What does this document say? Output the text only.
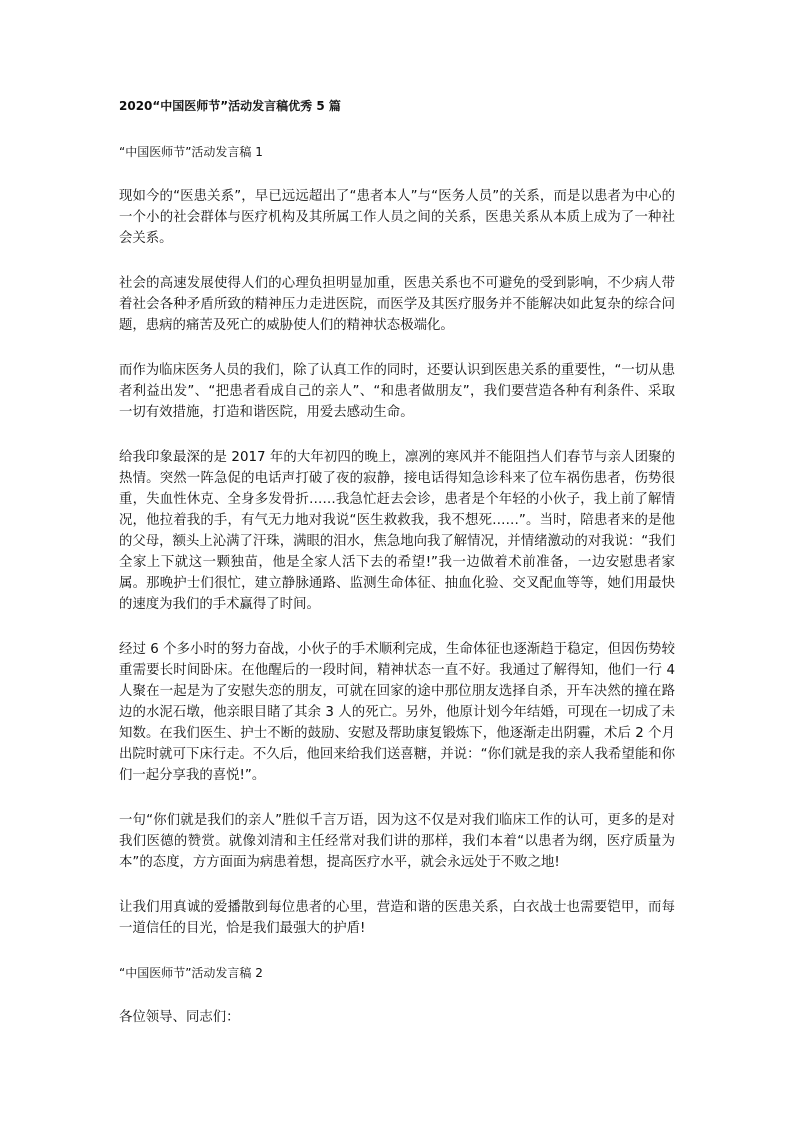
2020“中国医师节”活动发言稿优秀 5 篇
“中国医师节”活动发言稿 1

现如今的“医患关系”，早已远远超出了“患者本人”与“医务人员”的关系，而是以患者为中心的一个小的社会群体与医疗机构及其所属工作人员之间的关系，医患关系从本质上成为了一种社会关系。

社会的高速发展使得人们的心理负担明显加重，医患关系也不可避免的受到影响，不少病人带着社会各种矛盾所致的精神压力走进医院，而医学及其医疗服务并不能解决如此复杂的综合问题，患病的痛苦及死亡的威胁使人们的精神状态极端化。

而作为临床医务人员的我们，除了认真工作的同时，还要认识到医患关系的重要性，“一切从患者利益出发”、“把患者看成自己的亲人”、“和患者做朋友”，我们要营造各种有利条件、采取一切有效措施，打造和谐医院，用爱去感动生命。

给我印象最深的是 2017 年的大年初四的晚上，凛冽的寒风并不能阻挡人们春节与亲人团聚的热情。突然一阵急促的电话声打破了夜的寂静，接电话得知急诊科来了位车祸伤患者，伤势很重，失血性休克、全身多发骨折……我急忙赶去会诊，患者是个年轻的小伙子，我上前了解情况，他拉着我的手，有气无力地对我说“医生救救我，我不想死……”。当时，陪患者来的是他的父母，额头上沁满了汗珠，满眼的泪水，焦急地向我了解情况，并情绪激动的对我说：“我们全家上下就这一颗独苗，他是全家人活下去的希望!”我一边做着术前准备，一边安慰患者家属。那晚护士们很忙，建立静脉通路、监测生命体征、抽血化验、交叉配血等等，她们用最快的速度为我们的手术赢得了时间。

经过 6 个多小时的努力奋战，小伙子的手术顺利完成，生命体征也逐渐趋于稳定，但因伤势较重需要长时间卧床。在他醒后的一段时间，精神状态一直不好。我通过了解得知，他们一行 4 人聚在一起是为了安慰失恋的朋友，可就在回家的途中那位朋友选择自杀，开车决然的撞在路边的水泥石墩，他亲眼目睹了其余 3 人的死亡。另外，他原计划今年结婚，可现在一切成了未知数。在我们医生、护士不断的鼓励、安慰及帮助康复锻炼下，他逐渐走出阴霾，术后 2 个月出院时就可下床行走。不久后，他回来给我们送喜糖，并说：“你们就是我的亲人我希望能和你们一起分享我的喜悦!”。

一句“你们就是我们的亲人”胜似千言万语，因为这不仅是对我们临床工作的认可，更多的是对我们医德的赞赏。就像刘清和主任经常对我们讲的那样，我们本着“以患者为纲，医疗质量为本”的态度，方方面面为病患着想，提高医疗水平，就会永远处于不败之地!

让我们用真诚的爱播散到每位患者的心里，营造和谐的医患关系，白衣战士也需要铠甲，而每一道信任的目光，恰是我们最强大的护盾!

“中国医师节”活动发言稿 2

各位领导、同志们：
